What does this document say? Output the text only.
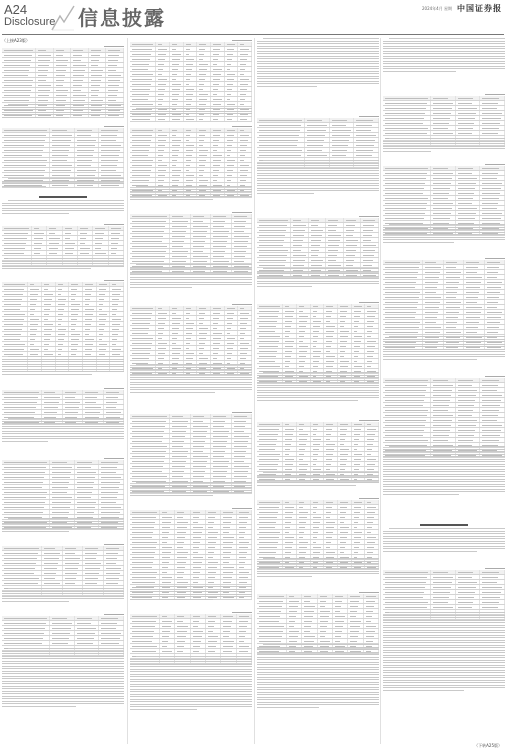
A24
Disclosure 信息披露	2024年4月 星期 中国证券报
（上接A23版）
（下转A25版）
